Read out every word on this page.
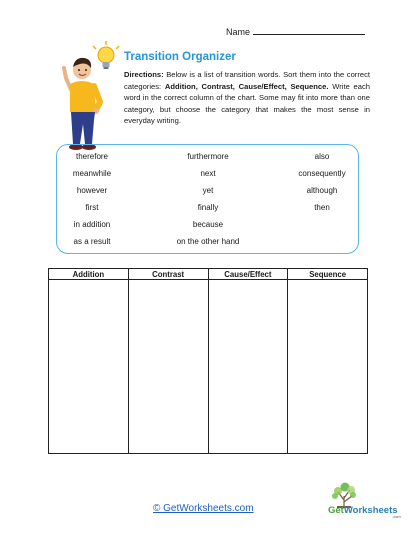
Name
Transition Organizer
Directions: Below is a list of transition words. Sort them into the correct categories: Addition, Contrast, Cause/Effect, Sequence. Write each word in the correct column of the chart. Some may fit into more than one category, but choose the category that makes the most sense in everyday writing.
therefore
meanwhile
however
first
in addition
as a result
furthermore
next
yet
finally
because
on the other hand
also
consequently
although
then
Addition	Contrast	Cause/Effect	Sequence

© GetWorksheets.com	GetWorksheets
.com
